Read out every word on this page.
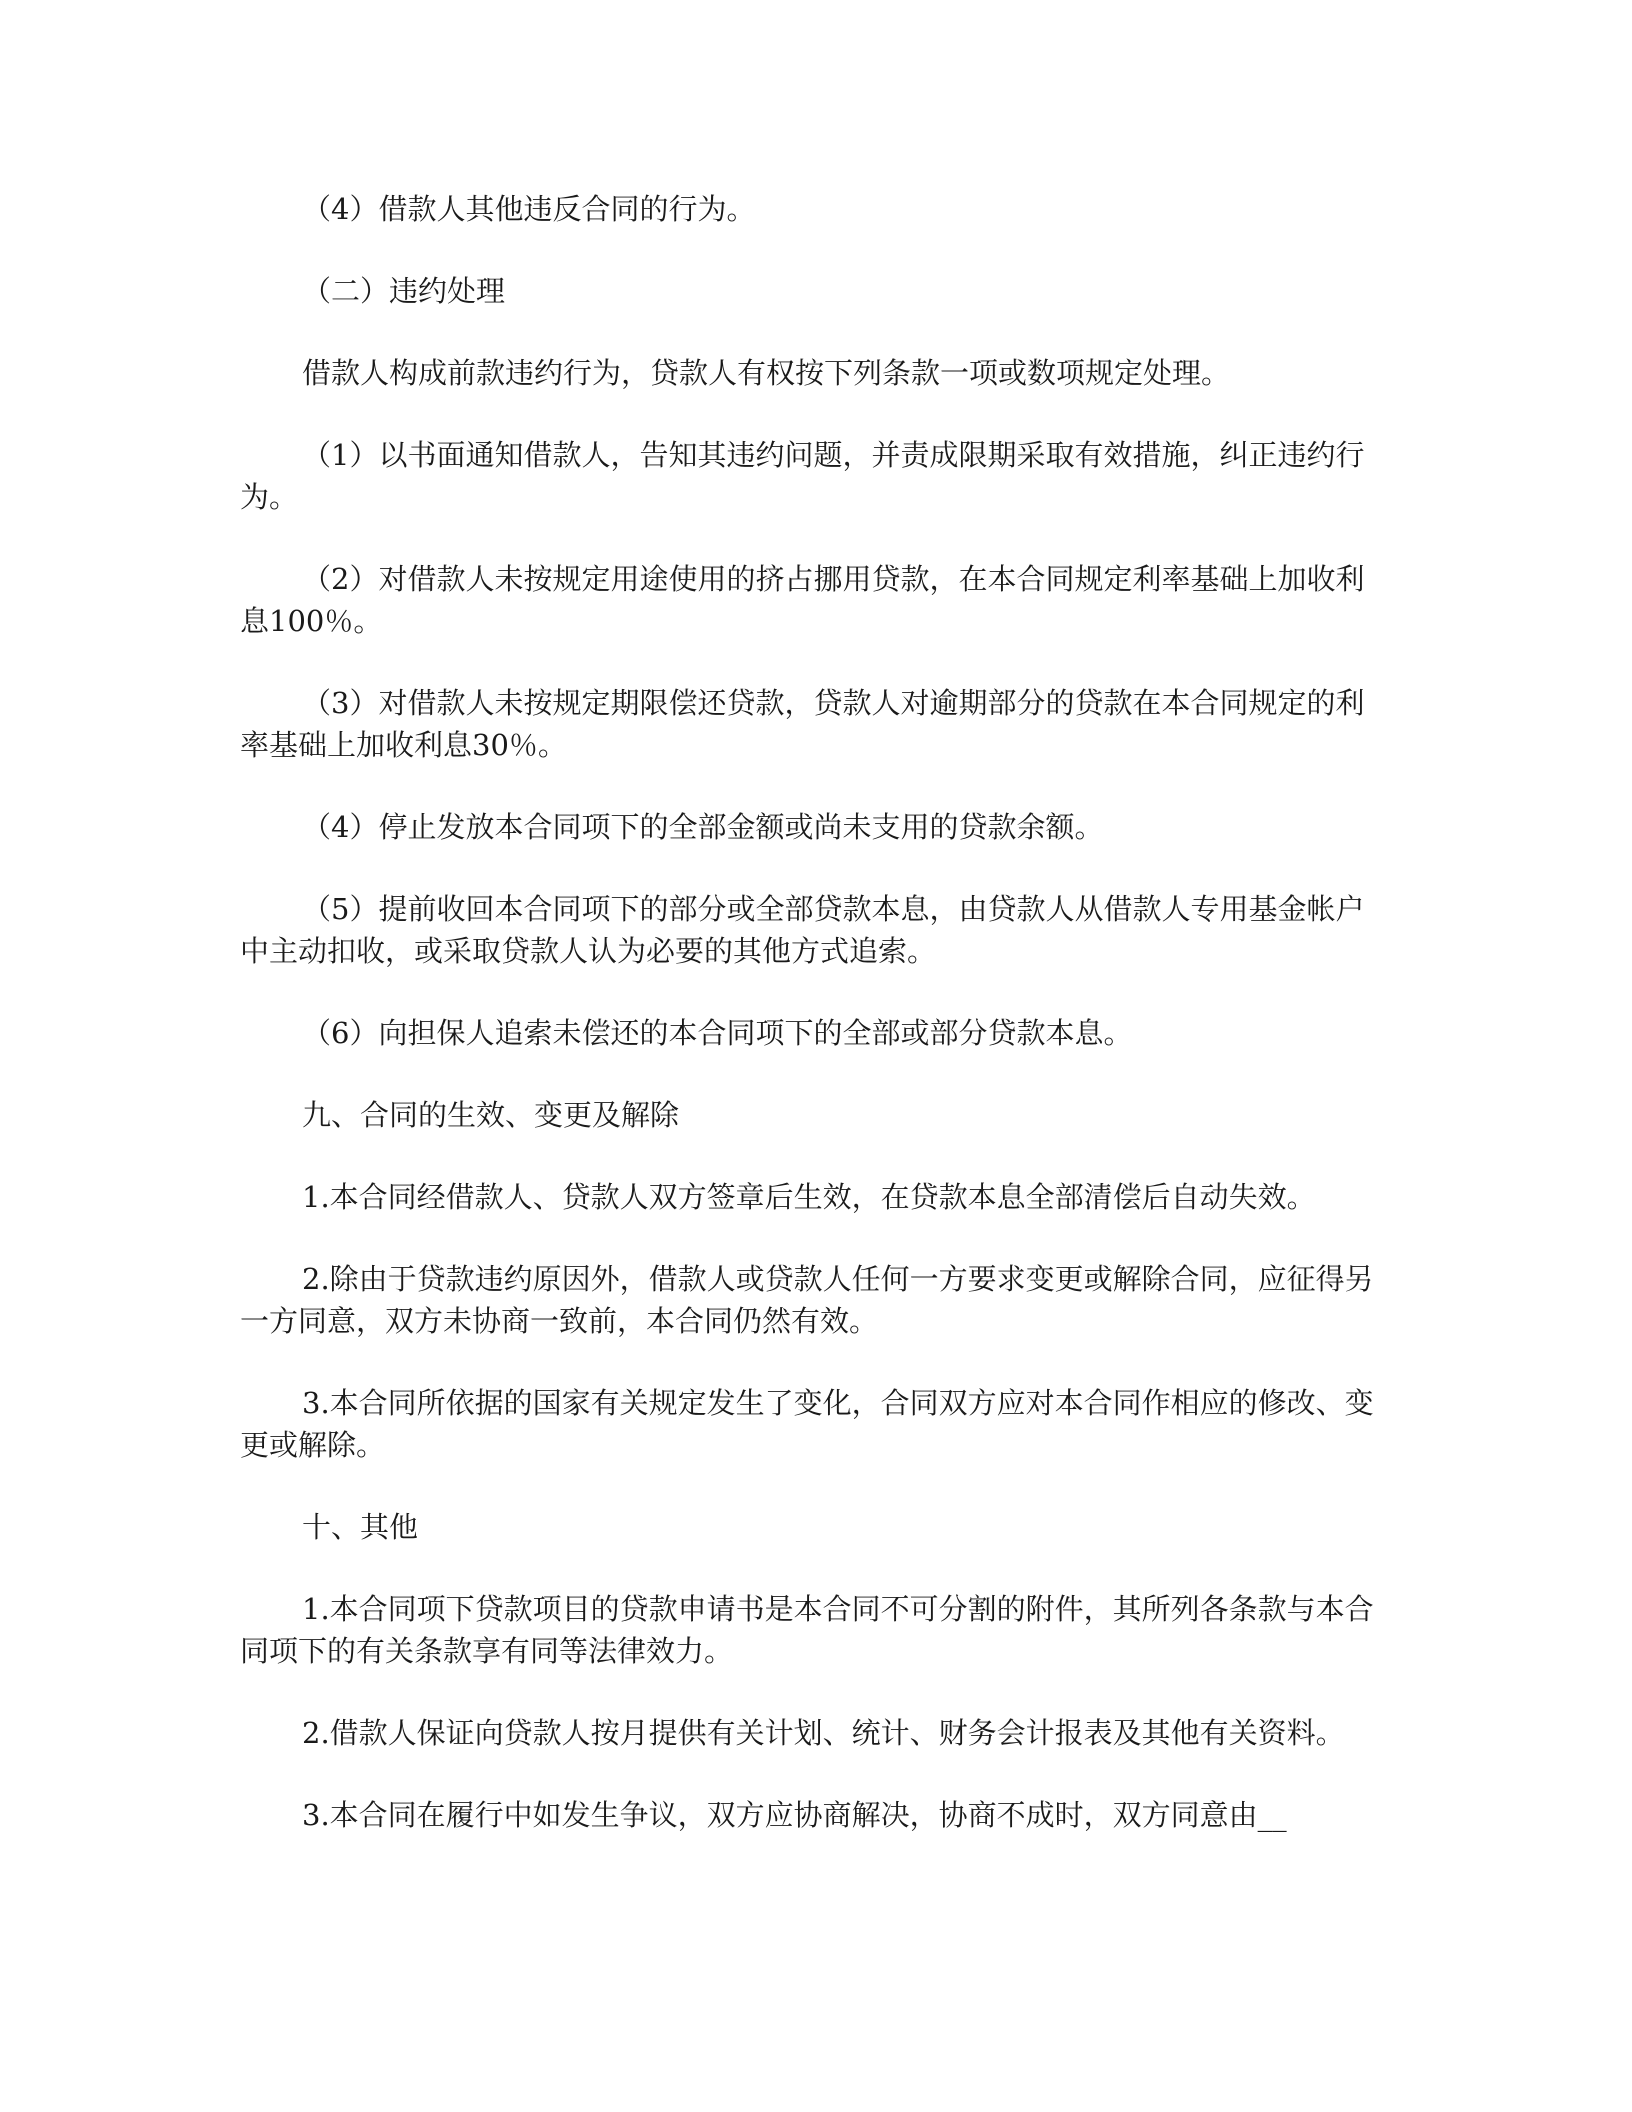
（4）借款人其他违反合同的行为。

（二）违约处理

借款人构成前款违约行为，贷款人有权按下列条款一项或数项规定处理。

（1）以书面通知借款人，告知其违约问题，并责成限期采取有效措施，纠正违约行为。

（2）对借款人未按规定用途使用的挤占挪用贷款，在本合同规定利率基础上加收利息100％。

（3）对借款人未按规定期限偿还贷款，贷款人对逾期部分的贷款在本合同规定的利率基础上加收利息30％。

（4）停止发放本合同项下的全部金额或尚未支用的贷款余额。

（5）提前收回本合同项下的部分或全部贷款本息，由贷款人从借款人专用基金帐户中主动扣收，或采取贷款人认为必要的其他方式追索。

（6）向担保人追索未偿还的本合同项下的全部或部分贷款本息。

九、合同的生效、变更及解除

1.本合同经借款人、贷款人双方签章后生效，在贷款本息全部清偿后自动失效。

2.除由于贷款违约原因外，借款人或贷款人任何一方要求变更或解除合同，应征得另一方同意，双方未协商一致前，本合同仍然有效。

3.本合同所依据的国家有关规定发生了变化，合同双方应对本合同作相应的修改、变更或解除。

十、其他

1.本合同项下贷款项目的贷款申请书是本合同不可分割的附件，其所列各条款与本合同项下的有关条款享有同等法律效力。

2.借款人保证向贷款人按月提供有关计划、统计、财务会计报表及其他有关资料。

3.本合同在履行中如发生争议，双方应协商解决，协商不成时，双方同意由__
